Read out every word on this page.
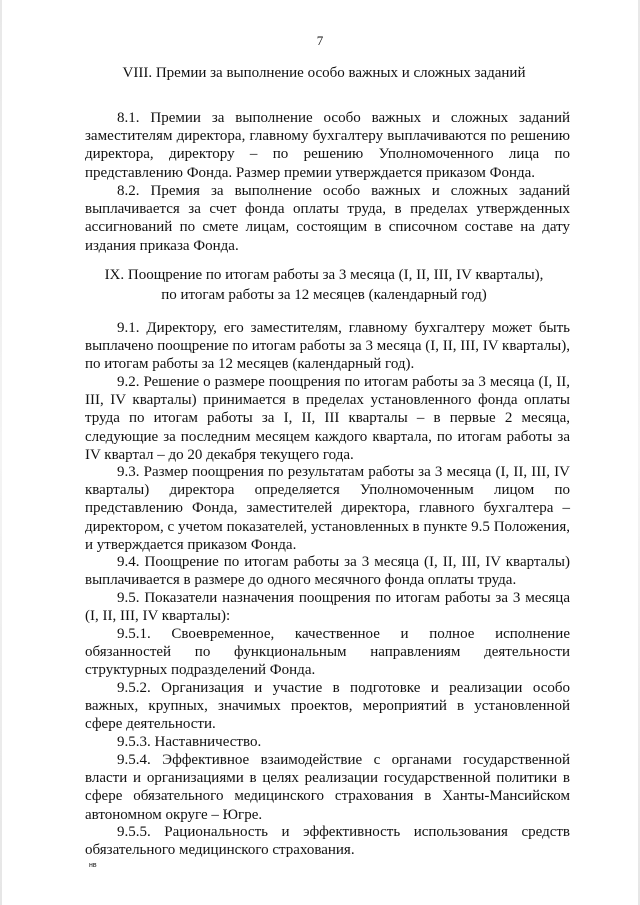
7
VIII. Премии за выполнение особо важных и сложных заданий
8.1. Премии за выполнение особо важных и сложных заданий заместителям директора, главному бухгалтеру выплачиваются по решению директора, директору – по решению Уполномоченного лица по представлению Фонда. Размер премии утверждается приказом Фонда.
8.2. Премия за выполнение особо важных и сложных заданий выплачивается за счет фонда оплаты труда, в пределах утвержденных ассигнований по смете лицам, состоящим в списочном составе на дату издания приказа Фонда.
IX. Поощрение по итогам работы за 3 месяца (I, II, III, IV кварталы),
по итогам работы за 12 месяцев (календарный год)
9.1. Директору, его заместителям, главному бухгалтеру может быть выплачено поощрение по итогам работы за 3 месяца (I, II, III, IV кварталы), по итогам работы за 12 месяцев (календарный год).
9.2. Решение о размере поощрения по итогам работы за 3 месяца (I, II, III, IV кварталы) принимается в пределах установленного фонда оплаты труда по итогам работы за I, II, III кварталы – в первые 2 месяца, следующие за последним месяцем каждого квартала, по итогам работы за IV квартал – до 20 декабря текущего года.
9.3. Размер поощрения по результатам работы за 3 месяца (I, II, III, IV кварталы) директора определяется Уполномоченным лицом по представлению Фонда, заместителей директора, главного бухгалтера – директором, с учетом показателей, установленных в пункте 9.5 Положения, и утверждается приказом Фонда.
9.4. Поощрение по итогам работы за 3 месяца (I, II, III, IV кварталы) выплачивается в размере до одного месячного фонда оплаты труда.
9.5. Показатели назначения поощрения по итогам работы за 3 месяца (I, II, III, IV кварталы):
9.5.1. Своевременное, качественное и полное исполнение обязанностей по функциональным направлениям деятельности структурных подразделений Фонда.
9.5.2. Организация и участие в подготовке и реализации особо важных, крупных, значимых проектов, мероприятий в установленной сфере деятельности.
9.5.3. Наставничество.
9.5.4. Эффективное взаимодействие с органами государственной власти и организациями в целях реализации государственной политики в сфере обязательного медицинского страхования в Ханты-Мансийском автономном округе – Югре.
9.5.5. Рациональность и эффективность использования средств обязательного медицинского страхования.
нв
